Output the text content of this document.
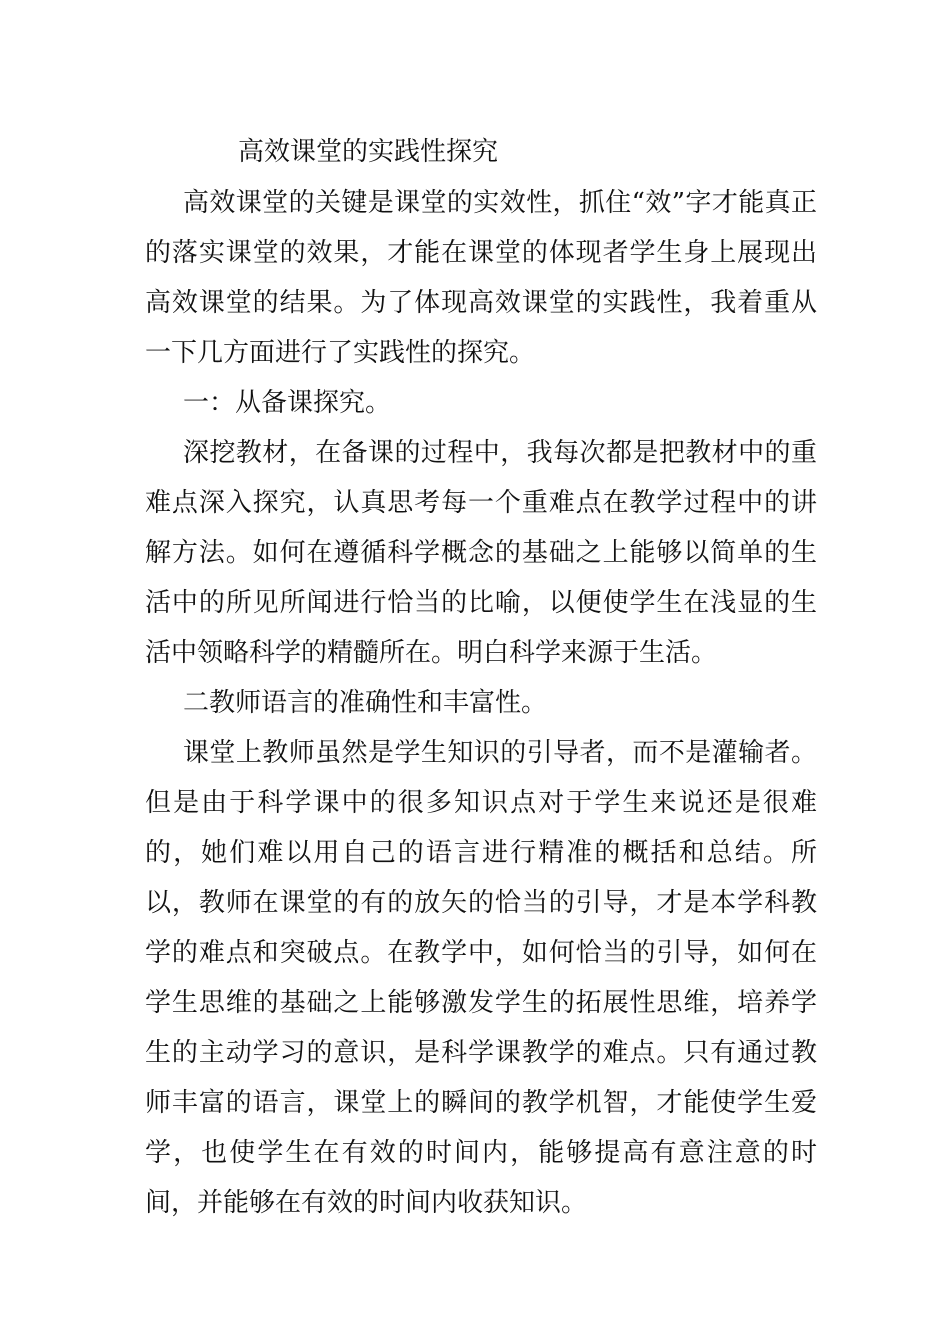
高效课堂的实践性探究

高效课堂的关键是课堂的实效性，抓住“效”字才能真正的落实课堂的效果，才能在课堂的体现者学生身上展现出高效课堂的结果。为了体现高效课堂的实践性，我着重从一下几方面进行了实践性的探究。

一：从备课探究。

深挖教材，在备课的过程中，我每次都是把教材中的重难点深入探究，认真思考每一个重难点在教学过程中的讲解方法。如何在遵循科学概念的基础之上能够以简单的生活中的所见所闻进行恰当的比喻，以便使学生在浅显的生活中领略科学的精髓所在。明白科学来源于生活。

二教师语言的准确性和丰富性。

课堂上教师虽然是学生知识的引导者，而不是灌输者。但是由于科学课中的很多知识点对于学生来说还是很难的，她们难以用自己的语言进行精准的概括和总结。所以，教师在课堂的有的放矢的恰当的引导，才是本学科教学的难点和突破点。在教学中，如何恰当的引导，如何在学生思维的基础之上能够激发学生的拓展性思维，培养学生的主动学习的意识，是科学课教学的难点。只有通过教师丰富的语言，课堂上的瞬间的教学机智，才能使学生爱学，也使学生在有效的时间内，能够提高有意注意的时间，并能够在有效的时间内收获知识。
